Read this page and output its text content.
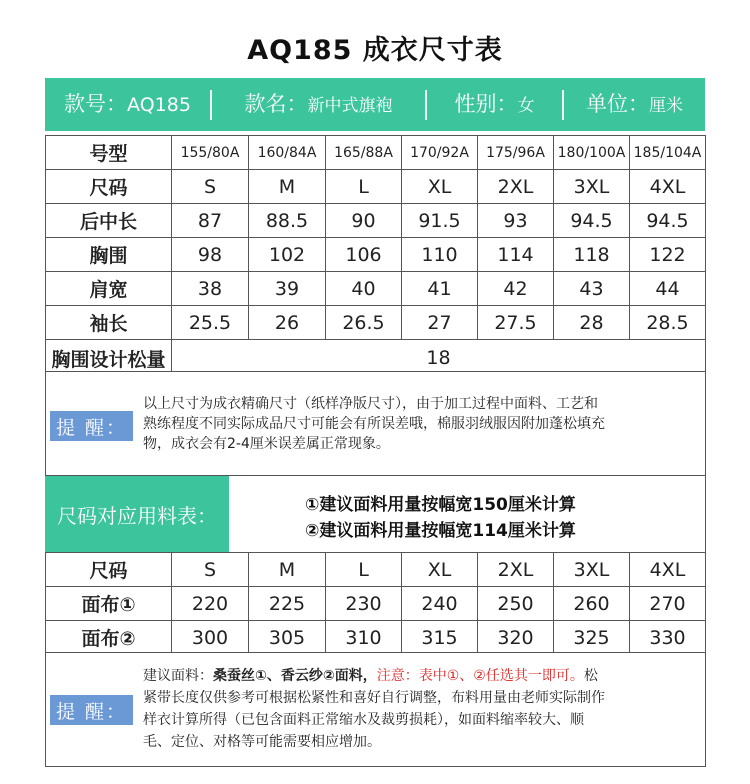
AQ185 成衣尺寸表
款号： AQ185	款名： 新中式旗袍	性别： 女 单位： 厘米
号型	155/80A	160/84A	165/88A	170/92A	175/96A	180/100A	185/104A
尺码	S	M	L	XL	2XL	3XL	4XL
后中长	87	88.5	90	91.5	93	94.5	94.5
胸围	98	102	106	110	114	118	122
肩宽	38	39	40	41	42	43	44
袖长	25.5	26	26.5	27	27.5	28	28.5
胸围设计松量	18						
提 醒：
以上尺寸为成衣精确尺寸（纸样净版尺寸），由于加工过程中面料、工艺和
熟练程度不同实际成品尺寸可能会有所误差哦，棉服羽绒服因附加蓬松填充
物，成衣会有2-4厘米误差属正常现象。
尺码对应用料表：	①建议面料用量按幅宽150厘米计算
②建议面料用量按幅宽114厘米计算
尺码	S	M	L	XL	2XL	3XL	4XL
面布①	220	225	230	240	250	260	270
面布②	300	305	310	315	320	325	330
提 醒：
建议面料：桑蚕丝①、香云纱②面料，注意：表中①、②任选其一即可。松
紧带长度仅供参考可根据松紧性和喜好自行调整，布料用量由老师实际制作
样衣计算所得（已包含面料正常缩水及裁剪损耗），如面料缩率较大、顺
毛、定位、对格等可能需要相应增加。
